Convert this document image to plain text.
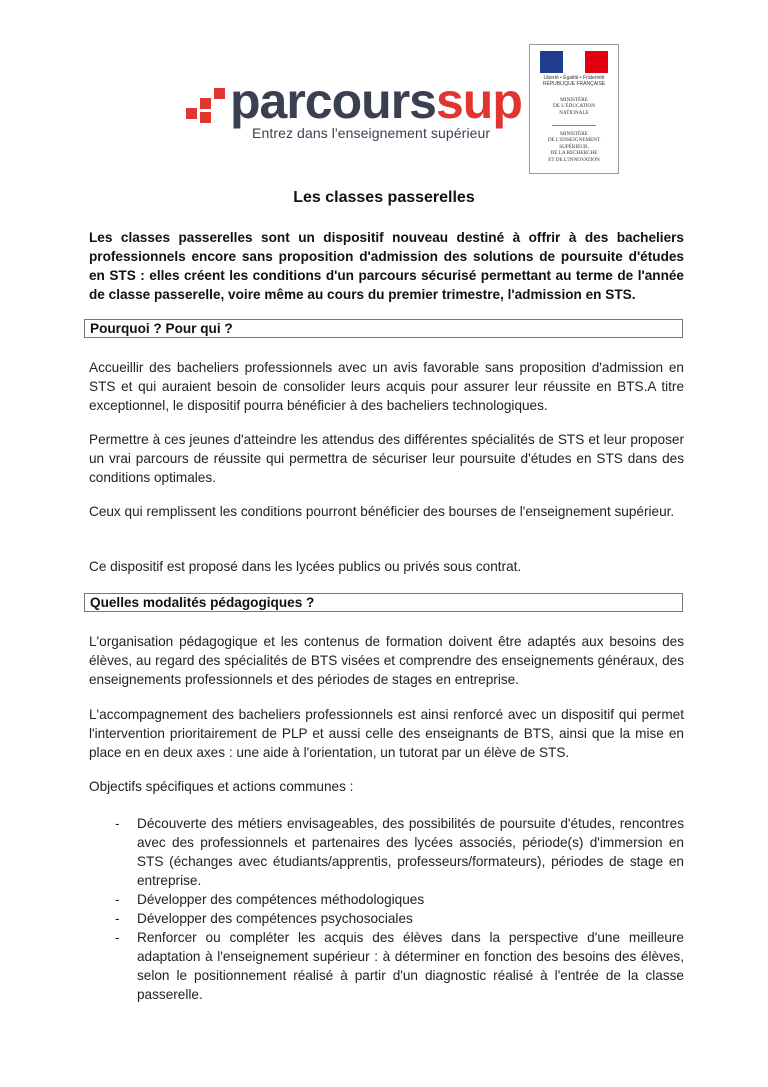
parcourssup
Entrez dans l'enseignement supérieur
Liberté • Égalité • Fraternité
RÉPUBLIQUE FRANÇAISE
MINISTÈRE
DE L'ÉDUCATION
NATIONALE
MINISTÈRE
DE L'ENSEIGNEMENT
SUPÉRIEUR,
DE LA RECHERCHE
ET DE L'INNOVATION
Les classes passerelles
Les classes passerelles sont un dispositif nouveau destiné à offrir à des bacheliers professionnels encore sans proposition d'admission des solutions de poursuite d'études en STS : elles créent les conditions d'un parcours sécurisé permettant au terme de l'année de classe passerelle, voire même au cours du premier trimestre, l'admission en STS.
Pourquoi ? Pour qui ?
Accueillir des bacheliers professionnels avec un avis favorable sans proposition d'admission en STS et qui auraient besoin de consolider leurs acquis pour assurer leur réussite en BTS.A titre exceptionnel, le dispositif pourra bénéficier à des bacheliers technologiques.
Permettre à ces jeunes d'atteindre les attendus des différentes spécialités de STS et leur proposer un vrai parcours de réussite qui permettra de sécuriser leur poursuite d'études en STS dans des conditions optimales.
Ceux qui remplissent les conditions pourront bénéficier des bourses de l'enseignement supérieur.
Ce dispositif est proposé dans les lycées publics ou privés sous contrat.
Quelles modalités pédagogiques ?
L'organisation pédagogique et les contenus de formation doivent être adaptés aux besoins des élèves, au regard des spécialités de BTS visées et comprendre des enseignements généraux, des enseignements professionnels et des périodes de stages en entreprise.
L'accompagnement des bacheliers professionnels est ainsi renforcé avec un dispositif qui permet l'intervention prioritairement de PLP et aussi celle des enseignants de BTS, ainsi que la mise en place en en deux axes : une aide à l'orientation, un tutorat par un élève de STS.
Objectifs spécifiques et actions communes :
- Découverte des métiers envisageables, des possibilités de poursuite d'études, rencontres avec des professionnels et partenaires des lycées associés, période(s) d'immersion en STS (échanges avec étudiants/apprentis, professeurs/formateurs), périodes de stage en entreprise.
- Développer des compétences méthodologiques
- Développer des compétences psychosociales
- Renforcer ou compléter les acquis des élèves dans la perspective d'une meilleure adaptation à l'enseignement supérieur : à déterminer en fonction des besoins des élèves, selon le positionnement réalisé à partir d'un diagnostic réalisé à l'entrée de la classe passerelle.
